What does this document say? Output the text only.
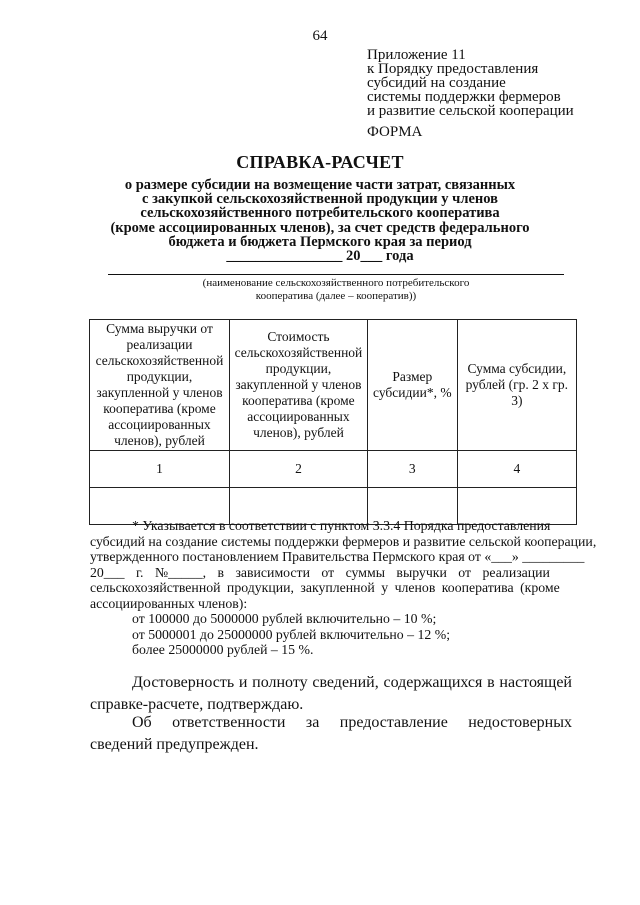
64
Приложение 11
к Порядку предоставления
субсидий на создание
системы поддержки фермеров
и развитие сельской кооперации
ФОРМА
СПРАВКА-РАСЧЕТ
о размере субсидии на возмещение части затрат, связанных
с закупкой сельскохозяйственной продукции у членов
сельскохозяйственного потребительского кооператива
(кроме ассоциированных членов), за счет средств федерального
бюджета и бюджета Пермского края за период
________________ 20___ года
(наименование сельскохозяйственного потребительского
кооператива (далее – кооператив))
Сумма выручки от реализации сельскохозяйственной продукции, закупленной у членов кооператива (кроме ассоциированных членов), рублей	Стоимость сельскохозяйственной продукции, закупленной у членов кооператива (кроме ассоциированных членов), рублей	Размер субсидии*, %	Сумма субсидии, рублей (гр. 2 х гр. 3)
1	2	3	4

* Указывается в соответствии с пунктом 3.3.4 Порядка предоставления
субсидий на создание системы поддержки фермеров и развитие сельской кооперации,
утвержденного постановлением Правительства Пермского края от «___» _________
20___ г. №_____, в зависимости от суммы выручки от реализации
сельскохозяйственной продукции, закупленной у членов кооператива (кроме
ассоциированных членов):
от 100000 до 5000000 рублей включительно – 10 %;
от 5000001 до 25000000 рублей включительно – 12 %;
более 25000000 рублей – 15 %.
Достоверность и полноту сведений, содержащихся в настоящей справке-расчете, подтверждаю.
Об ответственности за предоставление недостоверных сведений предупрежден.
